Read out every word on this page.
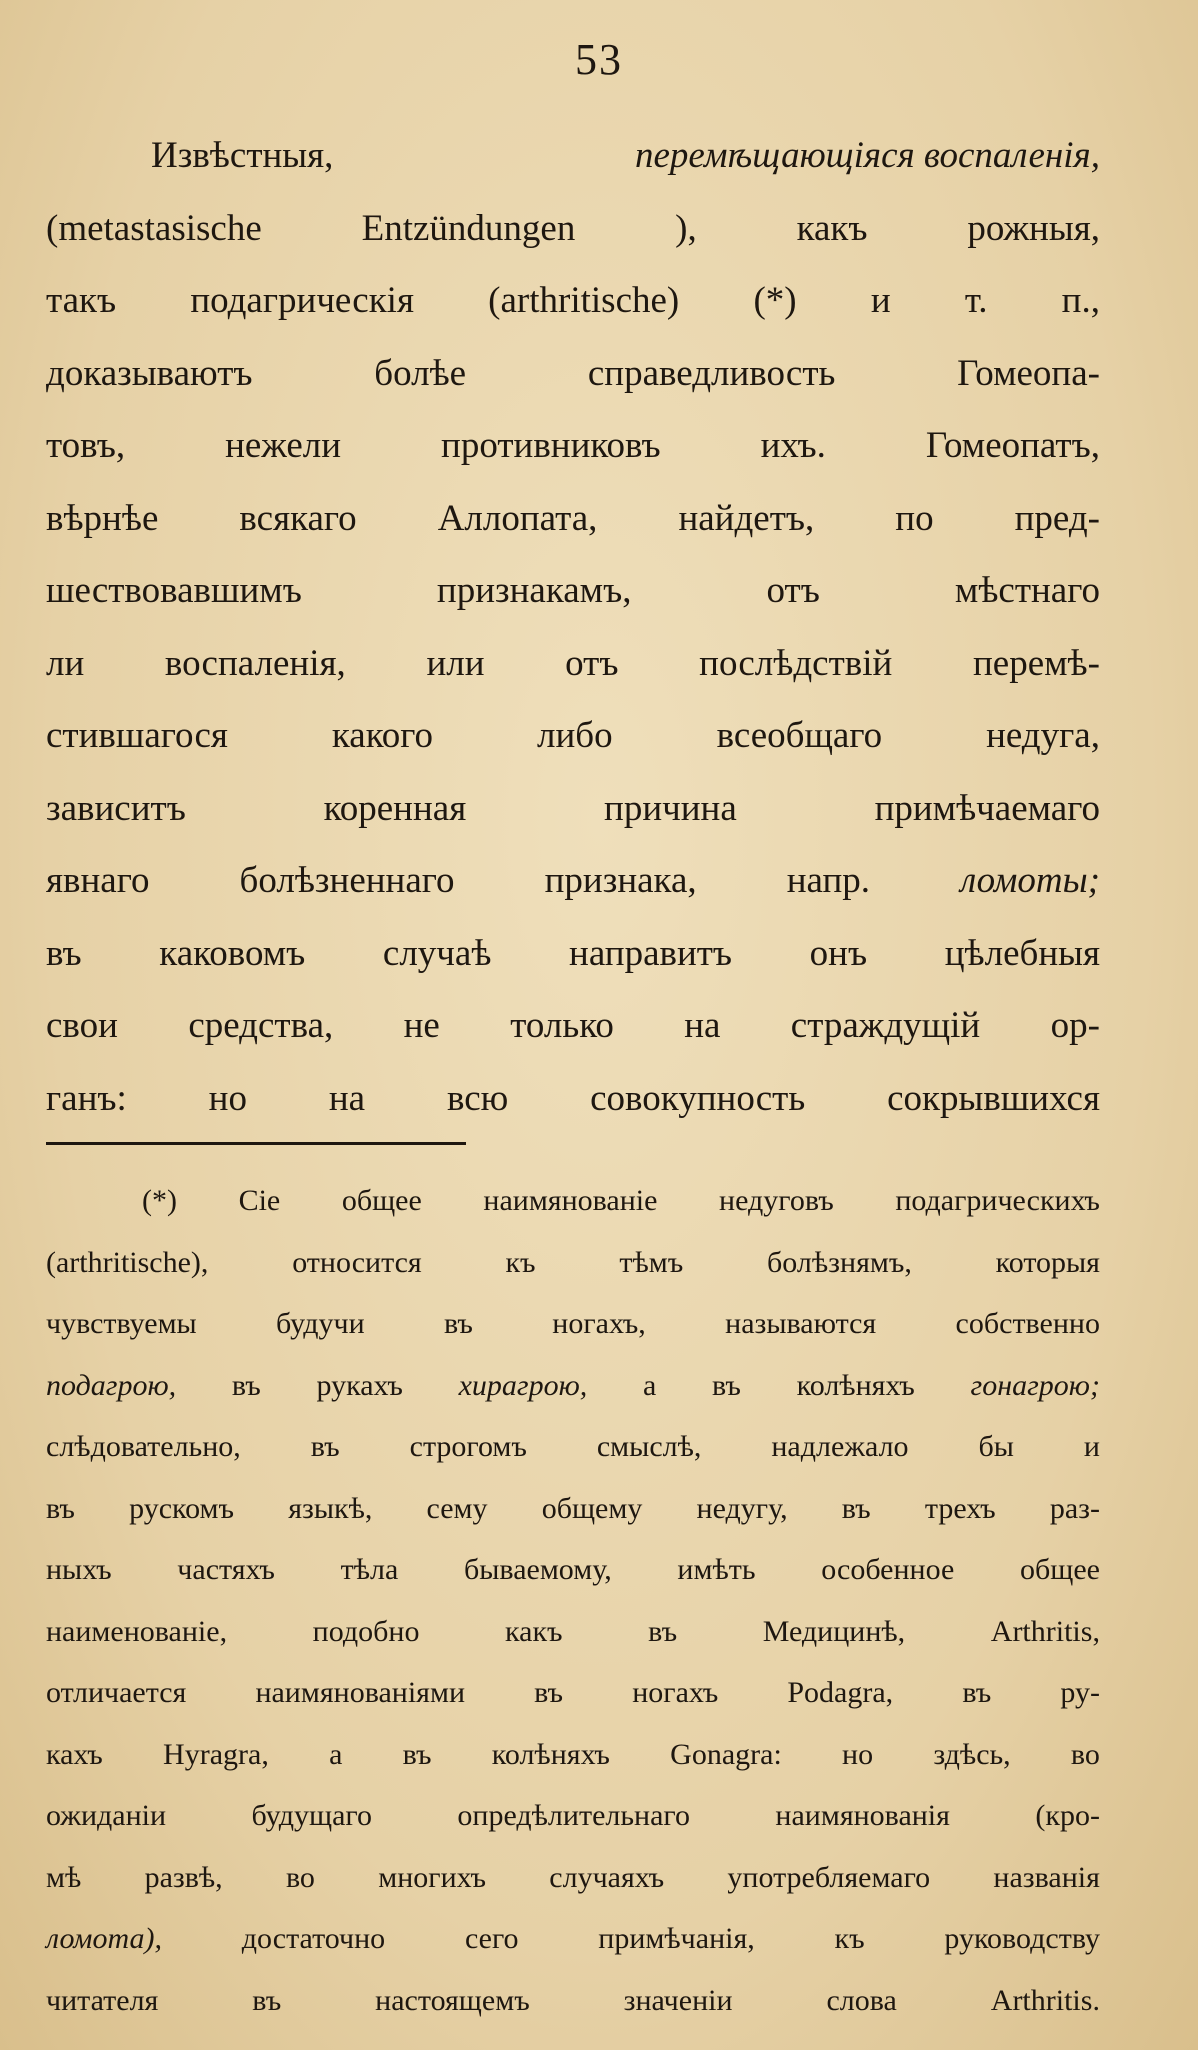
53
Извѣстныя,	перемѣщающіяся воспаленія,
(metastasische	Entzündungen	),	какъ	рожныя,
такъ подагрическія (arthritische) (*) и т. п.,
доказываютъ	болѣе	справедливость	Гомеопа-
товъ,	нежели	противниковъ	ихъ.	Гомеопатъ,
вѣрнѣе всякаго Аллопата, найдетъ, по пред-
шествовавшимъ	признакамъ,	отъ	мѣстнаго
ли воспаленія, или отъ послѣдствій перемѣ-
стившагося	какого	либо	всеобщаго	недуга,
зависитъ	коренная	причина	примѣчаемаго
явнаго болѣзненнаго признака, напр. ломоты;
въ каковомъ случаѣ направитъ онъ цѣлебныя
свои средства, не только на страждущій ор-
ганъ: но на всю совокупность сокрывшихся
(*) Сіе общее наимянованіе недуговъ подагрическихъ
(arthritische),	относится	къ	тѣмъ	болѣзнямъ,	которыя
чувствуемы	будучи	въ	ногахъ,	называются	собственно
подагрою, въ рукахъ хирагрою, а въ колѣняхъ гонагрою;
слѣдовательно, въ строгомъ смыслѣ, надлежало бы и
въ рускомъ языкѣ, сему общему недугу, въ трехъ раз-
ныхъ частяхъ тѣла бываемому, имѣть особенное общее
наименованіе,	подобно	какъ	въ	Медицинѣ,	Arthritis,
отличается наимянованіями въ ногахъ Podagra, въ ру-
кахъ Hyragra, а въ колѣняхъ Gonagra: но здѣсь, во
ожиданіи	будущаго	опредѣлительнаго	наимянованія	(кро-
мѣ развѣ, во многихъ случаяхъ употребляемаго названія
ломота),	достаточно	сего	примѣчанія,	къ	руководству
читателя	въ	настоящемъ	значеніи	слова	Arthritis.
